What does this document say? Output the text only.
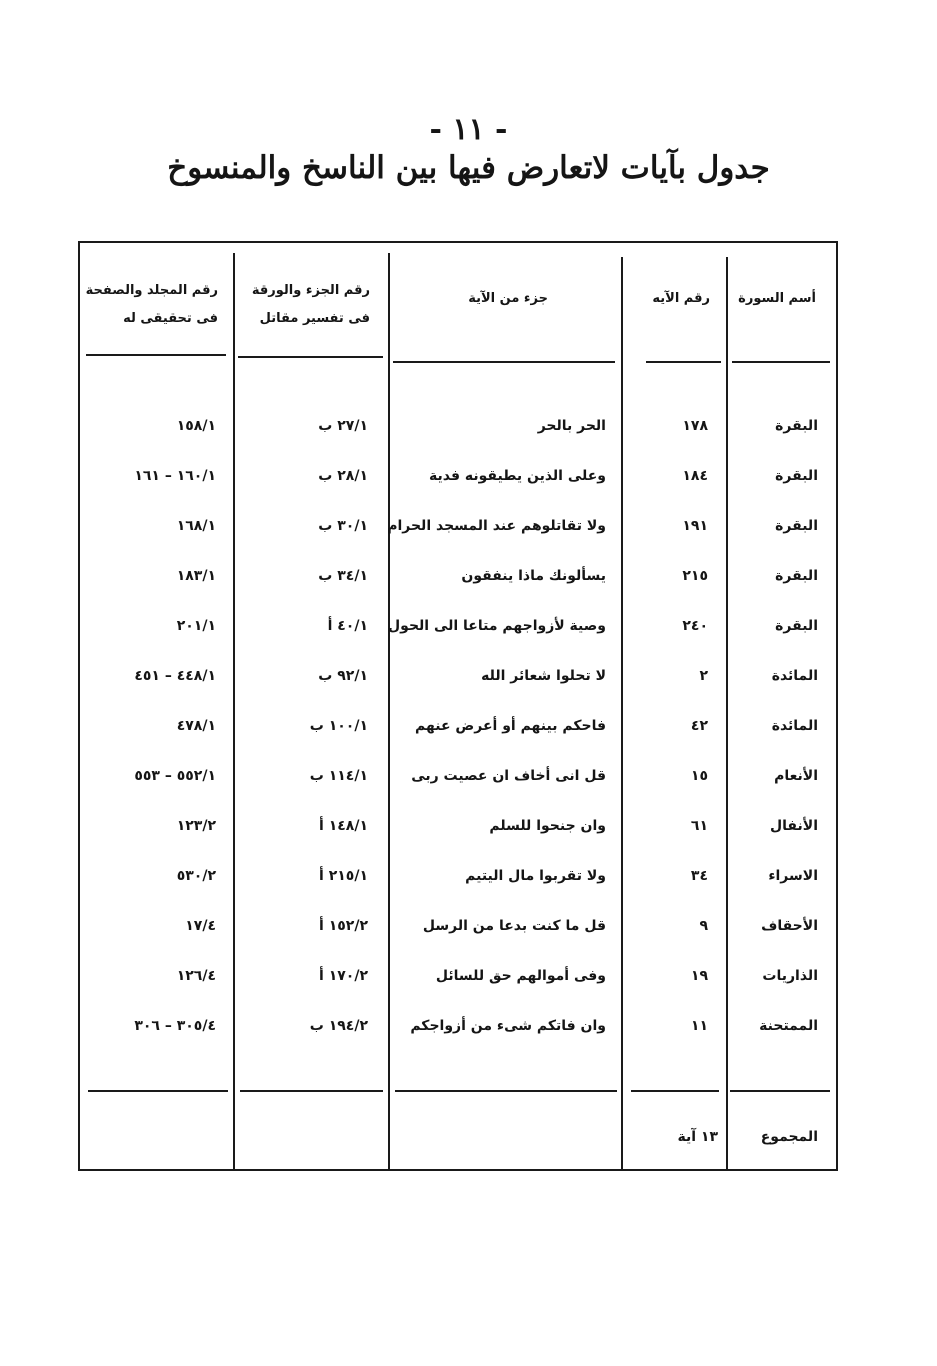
- ١١ -
جدول بآيات لاتعارض فيها بين الناسخ والمنسوخ
أسم السورة
رقم الآيه
جزء من الآية
رقم الجزء والورقة فى تفسير مقاتل
رقم المجلد والصفحة فى تحقيقى له
البقرة
١٧٨
الحر بالحر
٢٧/١ ب
١٥٨/١
البقرة
١٨٤
وعلى الذين يطيقونه فدية
٢٨/١ ب
١٦٠/١ – ١٦١
البقرة
١٩١
ولا تقاتلوهم عند المسجد الحرام
٣٠/١ ب
١٦٨/١
البقرة
٢١٥
يسألونك ماذا ينفقون
٣٤/١ ب
١٨٣/١
البقرة
٢٤٠
وصية لأزواجهم متاعا الى الحول
٤٠/١ أ
٢٠١/١
المائدة
٢
لا تحلوا شعائر الله
٩٢/١ ب
٤٤٨/١ – ٤٥١
المائدة
٤٢
فاحكم بينهم أو أعرض عنهم
١٠٠/١ ب
٤٧٨/١
الأنعام
١٥
قل انى أخاف ان عصيت ربى
١١٤/١ ب
٥٥٢/١ – ٥٥٣
الأنفال
٦١
وان جنحوا للسلم
١٤٨/١ أ
١٢٣/٢
الاسراء
٣٤
ولا تقربوا مال اليتيم
٢١٥/١ أ
٥٣٠/٢
الأحقاف
٩
قل ما كنت بدعا من الرسل
١٥٢/٢ أ
١٧/٤
الذاريات
١٩
وفى أموالهم حق للسائل
١٧٠/٢ أ
١٢٦/٤
الممتحنة
١١
وان فاتكم شىء من أزواجكم
١٩٤/٢ ب
٣٠٥/٤ – ٣٠٦
المجموع
١٣ آية
